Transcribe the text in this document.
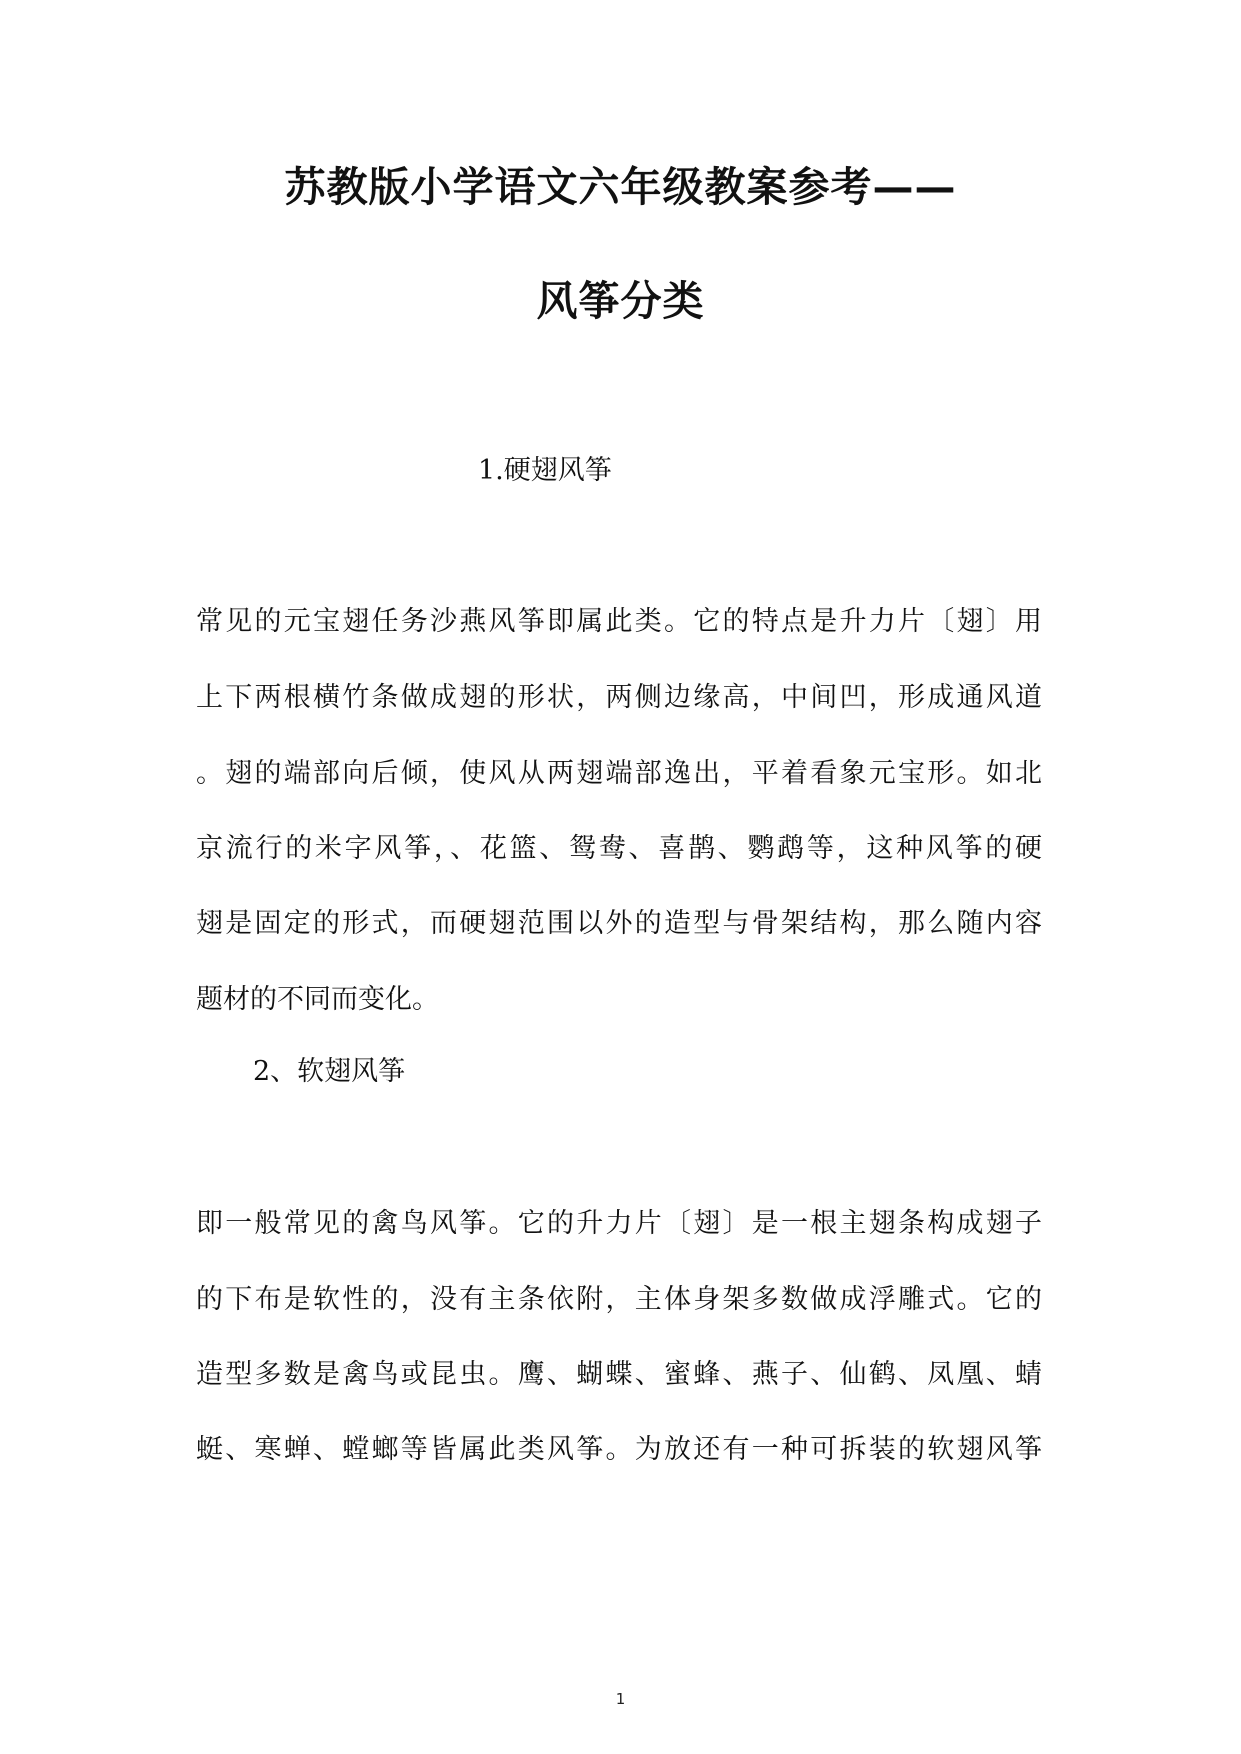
苏教版小学语文六年级教案参考——
风筝分类
1.硬翅风筝
常见的元宝翅任务沙燕风筝即属此类。它的特点是升力片〔翅〕用
上下两根横竹条做成翅的形状，两侧边缘高，中间凹，形成通风道
。翅的端部向后倾，使风从两翅端部逸出，平着看象元宝形。如北
京流行的米字风筝，、花篮、鸳鸯、喜鹊、鹦鹉等，这种风筝的硬
翅是固定的形式，而硬翅范围以外的造型与骨架结构，那么随内容
题材的不同而变化。
2、软翅风筝
即一般常见的禽鸟风筝。它的升力片〔翅〕是一根主翅条构成翅子
的下布是软性的，没有主条依附，主体身架多数做成浮雕式。它的
造型多数是禽鸟或昆虫。鹰、蝴蝶、蜜蜂、燕子、仙鹤、凤凰、蜻
蜓、寒蝉、螳螂等皆属此类风筝。为放还有一种可拆装的软翅风筝
1
